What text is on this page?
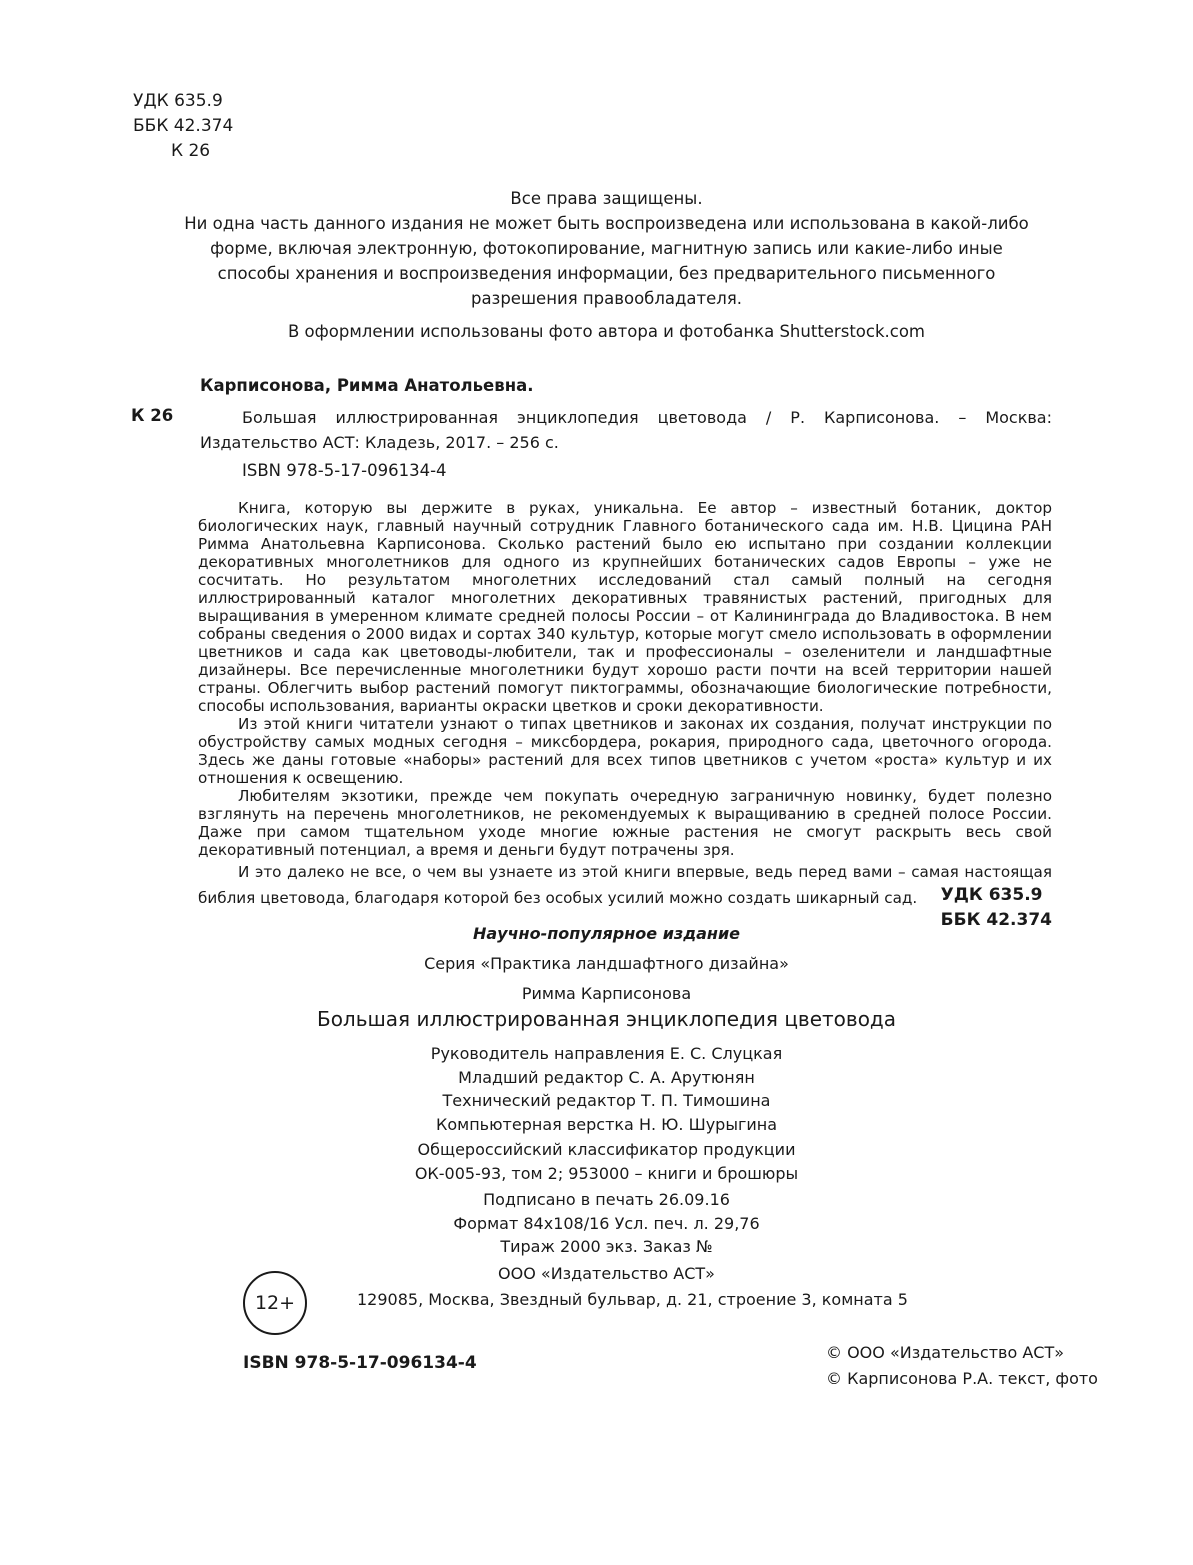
УДК 635.9
ББК 42.374
К 26
Все права защищены.
Ни одна часть данного издания не может быть воспроизведена или использована в какой-либо форме, включая электронную, фотокопирование, магнитную запись или какие-либо иные способы хранения и воспроизведения информации, без предварительного письменного разрешения правообладателя.
В оформлении использованы фото автора и фотобанка Shutterstock.com
Карписонова, Римма Анатольевна.
К 26	Большая иллюстрированная энциклопедия цветовода / Р. Карписонова. – Москва: Издательство АСТ: Кладезь, 2017. – 256 с.
ISBN 978-5-17-096134-4

Книга, которую вы держите в руках, уникальна. Ее автор – известный ботаник, доктор биологических наук, главный научный сотрудник Главного ботанического сада им. Н.В. Цицина РАН Римма Анатольевна Карписонова. Сколько растений было ею испытано при создании коллекции декоративных многолетников для одного из крупнейших ботанических садов Европы – уже не сосчитать. Но результатом многолетних исследований стал самый полный на сегодня иллюстрированный каталог многолетних декоративных травянистых растений, пригодных для выращивания в умеренном климате средней полосы России – от Калининграда до Владивостока. В нем собраны сведения о 2000 видах и сортах 340 культур, которые могут смело использовать в оформлении цветников и сада как цветоводы-любители, так и профессионалы – озеленители и ландшафтные дизайнеры. Все перечисленные многолетники будут хорошо расти почти на всей территории нашей страны. Облегчить выбор растений помогут пиктограммы, обозначающие биологические потребности, способы использования, варианты окраски цветков и сроки декоративности.

Из этой книги читатели узнают о типах цветников и законах их создания, получат инструкции по обустройству самых модных сегодня – миксбордера, рокария, природного сада, цветочного огорода. Здесь же даны готовые «наборы» растений для всех типов цветников с учетом «роста» культур и их отношения к освещению.

Любителям экзотики, прежде чем покупать очередную заграничную новинку, будет полезно взглянуть на перечень многолетников, не рекомендуемых к выращиванию в средней полосе России. Даже при самом тщательном уходе многие южные растения не смогут раскрыть весь свой декоративный потенциал, а время и деньги будут потрачены зря.

И это далеко не все, о чем вы узнаете из этой книги впервые, ведь перед вами – самая настоящая библия цветовода, благодаря которой без особых усилий можно создать шикарный сад.	УДК 635.9
ББК 42.374
Научно-популярное издание
Серия «Практика ландшафтного дизайна»
Римма Карписонова
Большая иллюстрированная энциклопедия цветовода
Руководитель направления Е. С. Слуцкая
Младший редактор С. А. Арутюнян
Технический редактор Т. П. Тимошина
Компьютерная верстка Н. Ю. Шурыгина
Общероссийский классификатор продукции
ОК-005-93, том 2; 953000 – книги и брошюры
Подписано в печать 26.09.16
Формат 84x108/16 Усл. печ. л. 29,76
Тираж 2000 экз. Заказ №
ООО «Издательство АСТ»
129085, Москва, Звездный бульвар, д. 21, строение 3, комната 5
12+
ISBN 978-5-17-096134-4
© ООО «Издательство АСТ»
© Карписонова Р.А. текст, фото
